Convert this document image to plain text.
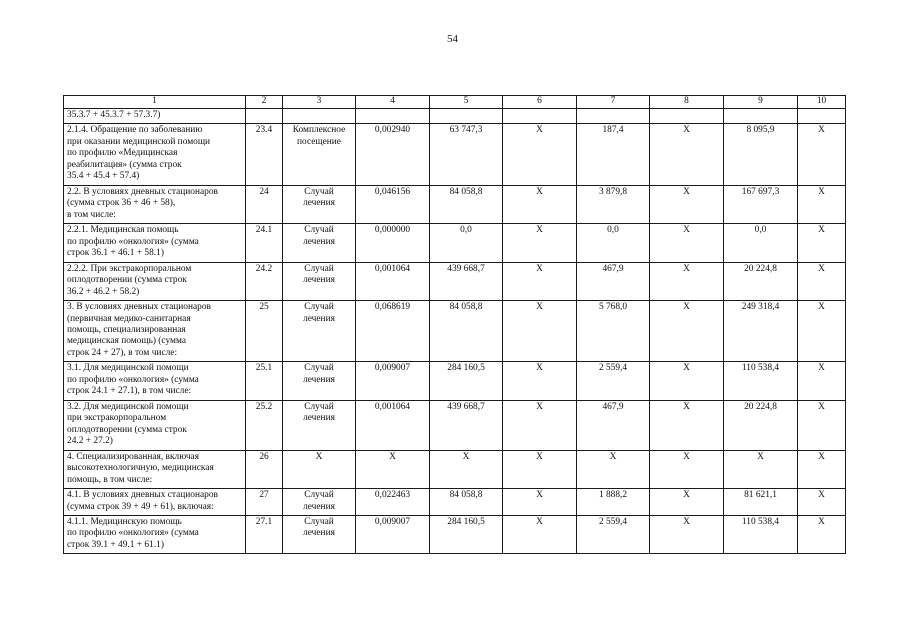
54
1	2	3	4	5	6	7	8	9	10

35.3.7 + 45.3.7 + 57.3.7)									

2.1.4. Обращение по заболеванию
при оказании медицинской помощи
по профилю «Медицинская
реабилитация» (сумма строк
35.4 + 45.4 + 57.4)	23.4	Комплексное
посещение	0,002940	63 747,3	Х	187,4	Х	8 095,9	Х

2.2. В условиях дневных стационаров
(сумма строк 36 + 46 + 58),
в том числе:	24	Случай
лечения	0,046156	84 058,8	Х	3 879,8	Х	167 697,3	Х

2.2.1. Медицинская помощь
по профилю «онкология» (сумма
строк 36.1 + 46.1 + 58.1)	24.1	Случай
лечения	0,000000	0,0	Х	0,0	Х	0,0	Х

2.2.2. При экстракорпоральном
оплодотворении (сумма строк
36.2 + 46.2 + 58.2)	24.2	Случай
лечения	0,001064	439 668,7	Х	467,9	Х	20 224,8	Х

3. В условиях дневных стационаров
(первичная медико-санитарная
помощь, специализированная
медицинская помощь) (сумма
строк 24 + 27), в том числе:	25	Случай
лечения	0,068619	84 058,8	Х	5 768,0	Х	249 318,4	Х

3.1. Для медицинской помощи
по профилю «онкология» (сумма
строк 24.1 + 27.1), в том числе:	25.1	Случай
лечения	0,009007	284 160,5	Х	2 559,4	Х	110 538,4	Х

3.2. Для медицинской помощи
при экстракорпоральном
оплодотворении (сумма строк
24.2 + 27.2)	25.2	Случай
лечения	0,001064	439 668,7	Х	467,9	Х	20 224,8	Х

4. Специализированная, включая
высокотехнологичную, медицинская
помощь, в том числе:	26	Х	Х	Х	Х	Х	Х	Х	Х

4.1. В условиях дневных стационаров
(сумма строк 39 + 49 + 61), включая:	27	Случай
лечения	0,022463	84 058,8	Х	1 888,2	Х	81 621,1	Х

4.1.1. Медицинскую помощь
по профилю «онкология» (сумма
строк 39.1 + 49.1 + 61.1)	27.1	Случай
лечения	0,009007	284 160,5	Х	2 559,4	Х	110 538,4	Х
